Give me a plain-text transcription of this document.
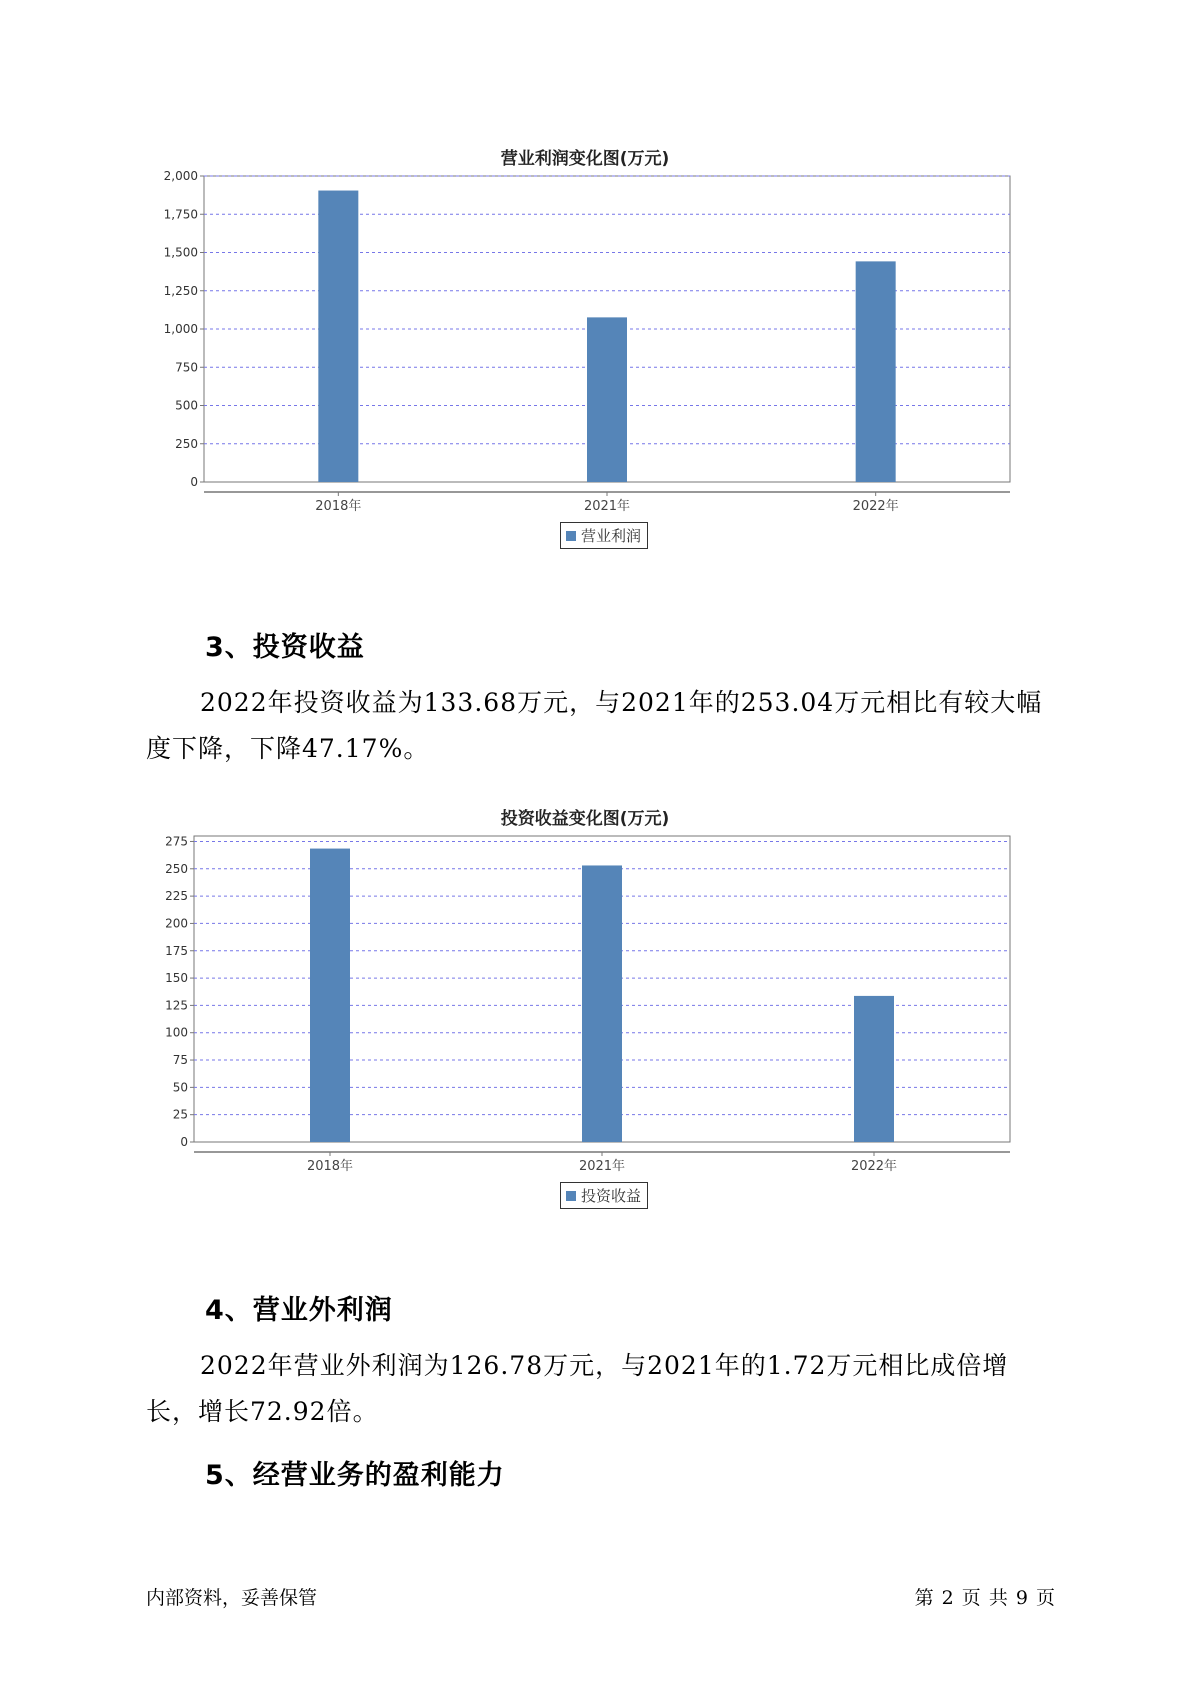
营业利润变化图(万元)
0
250
500
750
1,000
1,250
1,500
1,750
2,000
2018年	2021年	2022年
营业利润
3、投资收益

2022年投资收益为133.68万元，与2021年的253.04万元相比有较大幅度下降，下降47.17%。

投资收益变化图(万元)
0
25
50
75
100
125
150
175
200
225
250
275
2018年	2021年	2022年
投资收益
4、营业外利润

2022年营业外利润为126.78万元，与2021年的1.72万元相比成倍增长，增长72.92倍。

5、经营业务的盈利能力
内部资料，妥善保管	第 2 页 共 9 页
